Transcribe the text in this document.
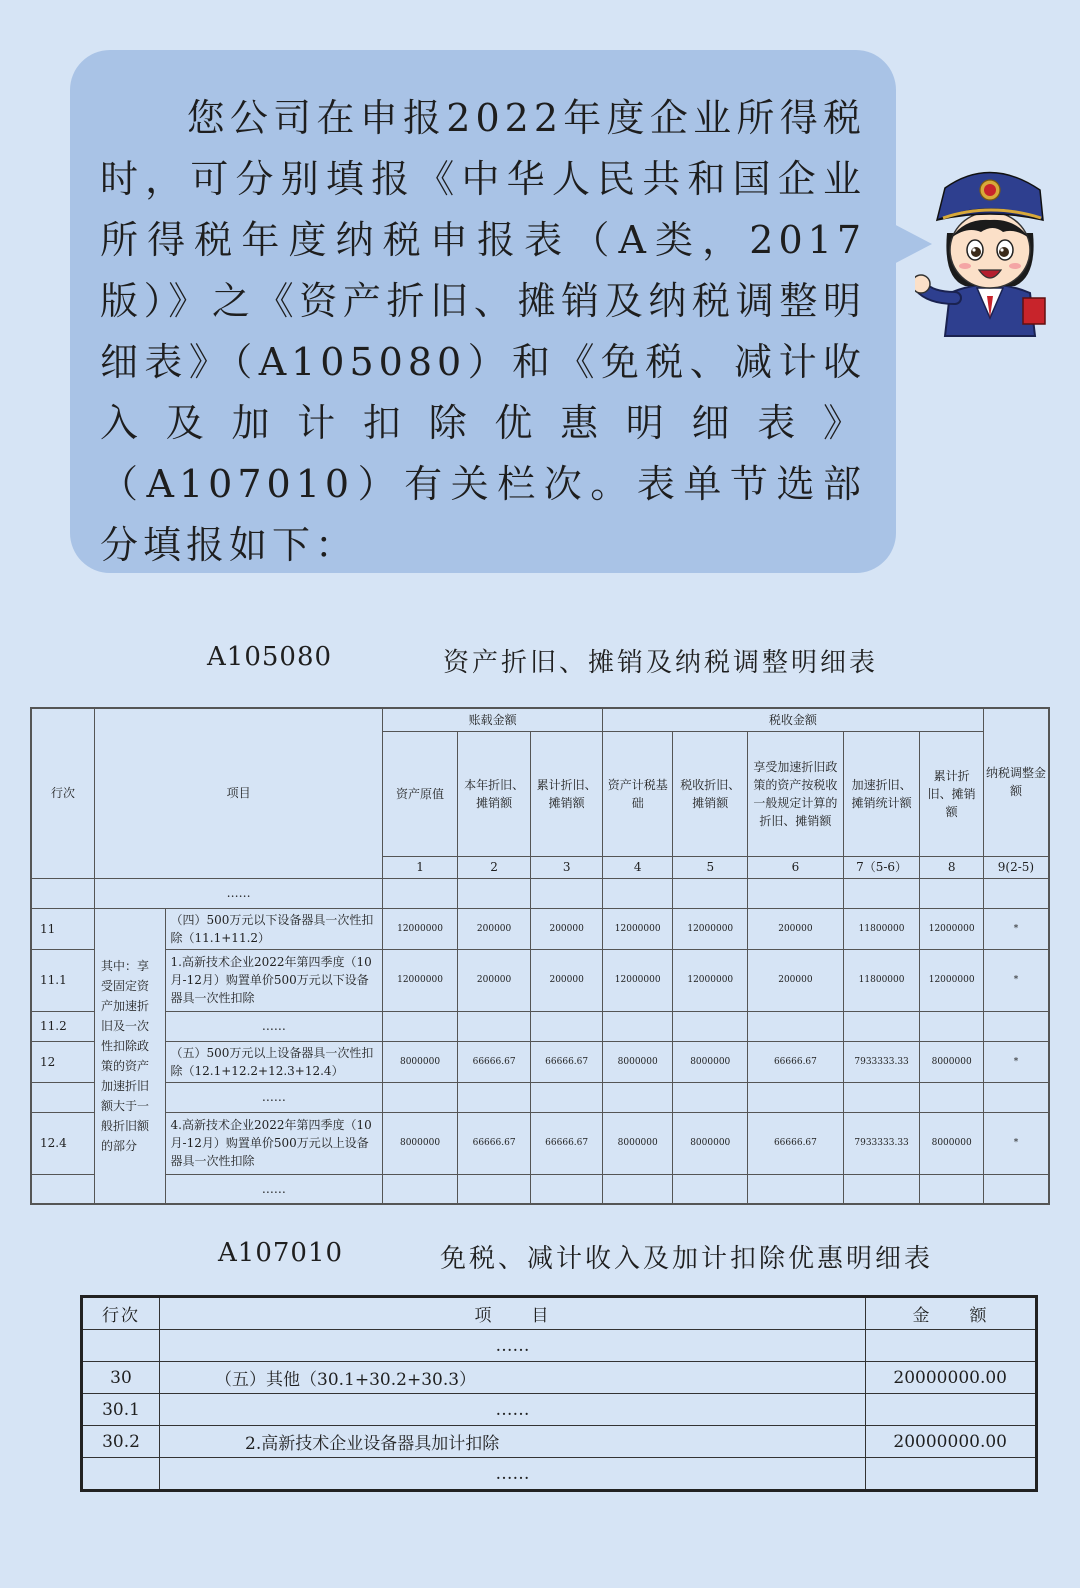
　　您公司在申报2022年度企业所得税时，可分别填报《中华人民共和国企业所得税年度纳税申报表（A类，2017版）》之《资产折旧、摊销及纳税调整明细表》（A105080）和《免税、减计收入及加计扣除优惠明细表》（A107010）有关栏次。表单节选部分填报如下：

A105080	资产折旧、摊销及纳税调整明细表
行次	项目		账载金额			税收金额					纳税调整金额
			资产原值	本年折旧、摊销额	累计折旧、摊销额	资产计税基础	税收折旧、摊销额	享受加速折旧政策的资产按税收一般规定计算的折旧、摊销额	加速折旧、摊销统计额	累计折旧、摊销额	
			1	2	3	4	5	6	7（5-6）	8	9(2-5)
	……										
11	其中：享受固定资产加速折旧及一次性扣除政策的资产加速折旧额大于一般折旧额的部分	（四）500万元以下设备器具一次性扣除（11.1+11.2）	12000000	200000	200000	12000000	12000000	200000	11800000	12000000	*
11.1		1.高新技术企业2022年第四季度（10月-12月）购置单价500万元以下设备器具一次性扣除	12000000	200000	200000	12000000	12000000	200000	11800000	12000000	*
11.2		……									
12		（五）500万元以上设备器具一次性扣除（12.1+12.2+12.3+12.4）	8000000	66666.67	66666.67	8000000	8000000	66666.67	7933333.33	8000000	*
		……									
12.4		4.高新技术企业2022年第四季度（10月-12月）购置单价500万元以上设备器具一次性扣除	8000000	66666.67	66666.67	8000000	8000000	66666.67	7933333.33	8000000	*
		……									
A107010	免税、减计收入及加计扣除优惠明细表
行次	项　　目	金　　额
	……	
30	（五）其他（30.1+30.2+30.3）	20000000.00
30.1	……	
30.2	2.高新技术企业设备器具加计扣除	20000000.00
	……	
